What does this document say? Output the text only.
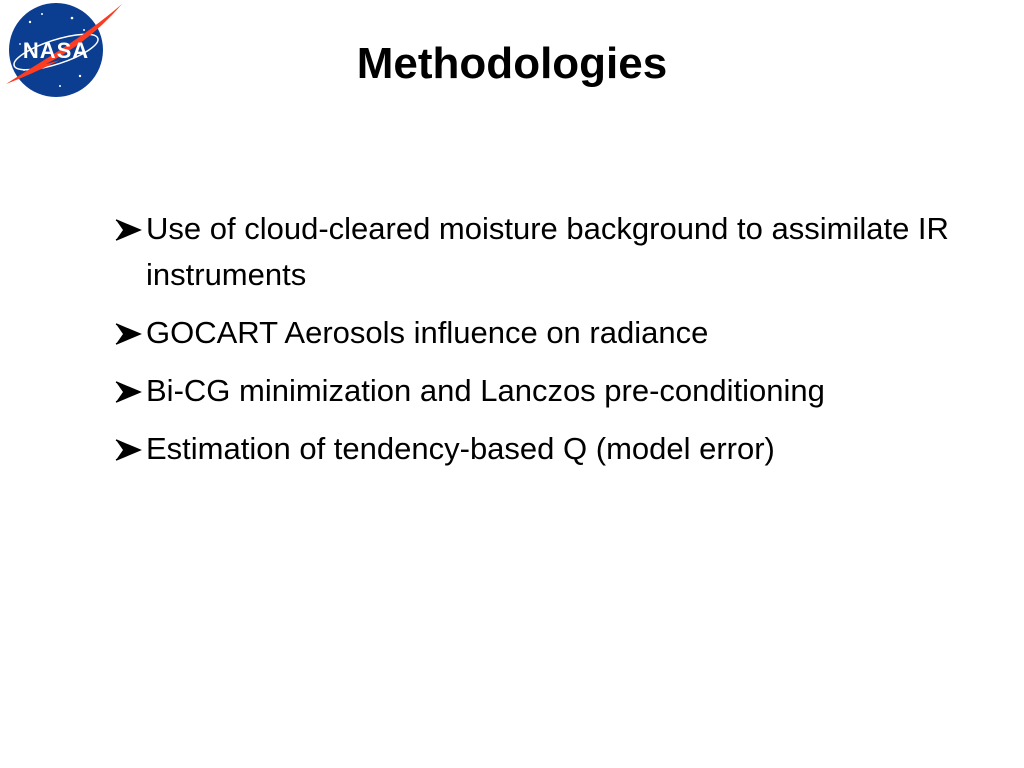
NASA	Methodologies
Use of cloud-cleared moisture background to assimilate IR instruments
GOCART Aerosols influence on radiance
Bi-CG minimization and Lanczos pre-conditioning
Estimation of tendency-based Q (model error)
